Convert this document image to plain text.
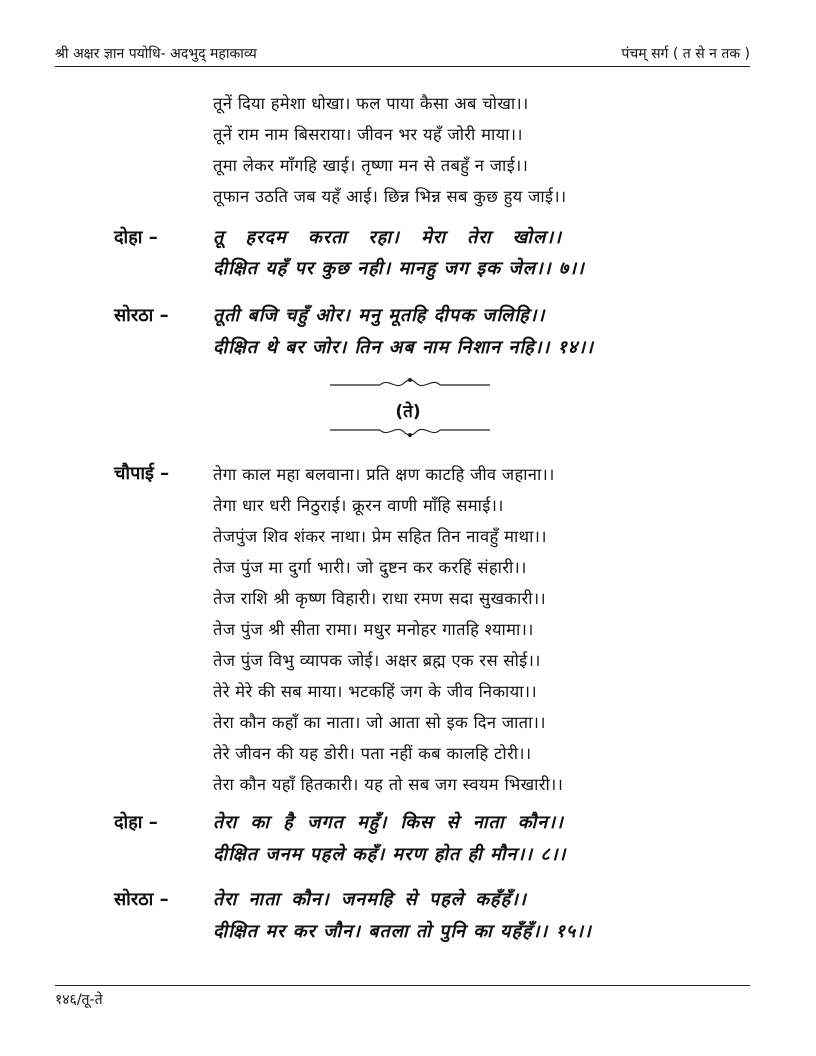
श्री अक्षर ज्ञान पयोधि- अदभुद् महाकाव्य	पंचम् सर्ग ( त से न तक )
तूनें दिया हमेशा धोखा। फल पाया कैसा अब चोखा।।
तूनें राम नाम बिसराया। जीवन भर यहँ जोरी माया।।
तूमा लेकर माँगहि खाई। तृष्णा मन से तबहुँ न जाई।।
तूफान उठति जब यहँ आई। छिन्न भिन्न सब कुछ हुय जाई।।
दोहा –	तू हरदम करता रहा। मेरा तेरा खोल।।
दीक्षित यहँ पर कुछ नही। मानहु जग इक जेल।। ७।।
सोरठा – तूती बजि चहुँ ओर। मनु मूतहि दीपक जलिहि।।
दीक्षित थे बर जोर। तिन अब नाम निशान नहि।। १४।।
(ते)
चौपाई –	तेगा काल महा बलवाना। प्रति क्षण काटहि जीव जहाना।।
तेगा धार धरी निठुराई। क्रूरन वाणी माँहि समाई।।
तेजपुंज शिव शंकर नाथा। प्रेम सहित तिन नावहुँ माथा।।
तेज पुंज मा दुर्गा भारी। जो दुष्टन कर करहिं संहारी।।
तेज राशि श्री कृष्ण विहारी। राधा रमण सदा सुखकारी।।
तेज पुंज श्री सीता रामा। मधुर मनोहर गातहि श्यामा।।
तेज पुंज विभु व्यापक जोई। अक्षर ब्रह्म एक रस सोई।।
तेरे मेरे की सब माया। भटकहिं जग के जीव निकाया।।
तेरा कौन कहाँ का नाता। जो आता सो इक दिन जाता।।
तेरे जीवन की यह डोरी। पता नहीं कब कालहि टोरी।।
तेरा कौन यहाँ हितकारी। यह तो सब जग स्वयम भिखारी।।
दोहा –	तेरा का है जगत महुँ। किस से नाता कौन।।
दीक्षित जनम पहले कहँ। मरण होत ही मौन।। ८।।
सोरठा – तेरा नाता कौन। जनमहि से पहले कहँहँ।।
दीक्षित मर कर जौन। बतला तो पुनि का यहँहँ।। १५।।
१४६/तू-ते
